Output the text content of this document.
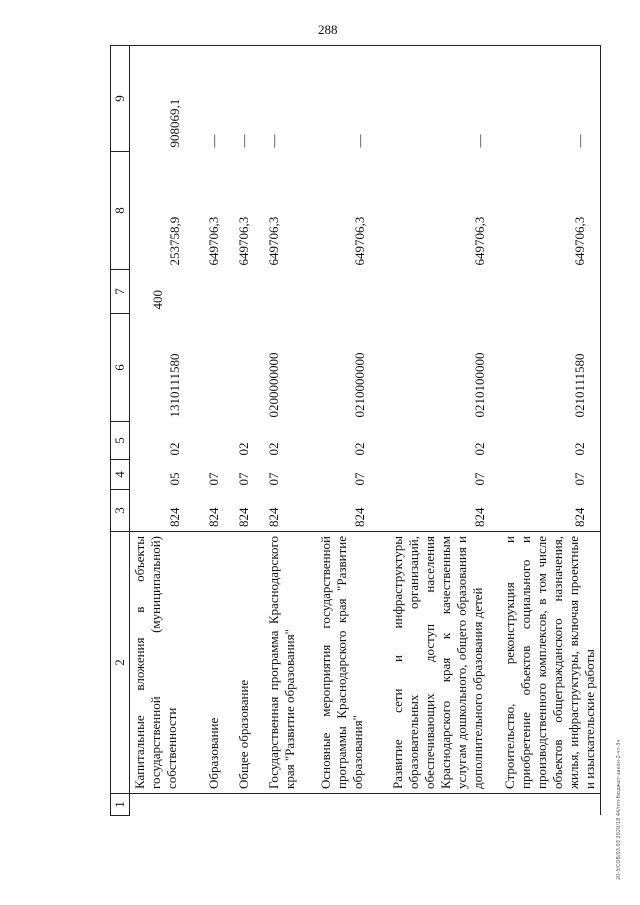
288
1	2	3	4	5	6	7	8	9
	Капитальные вложения в объекты государственной (муниципальной) собственности	824	05	02	1310111580	400	253758,9	908069,1
	Образование	824	07				649706,3	—
	Общее образование	824	07	02			649706,3	—
	Государственная программа Краснодарского края "Развитие образования"	824	07	02	0200000000		649706,3	—
	Основные мероприятия государственной программы Краснодарского края "Развитие образования"	824	07	02	0210000000		649706,3	—
	Развитие сети и инфраструктуры образовательных организаций, обеспечивающих доступ населения Краснодарского края к качественным услугам дошкольного, общего образования и дополнительного образования детей	824	07	02	0210100000		649706,3	—
	Строительство, реконструкция и приобретение объектов социального и производственного комплексов, в том числе объектов общегражданского назначения, жилья, инфраструктуры, включая проектные и изыскательские работы	824	07	02	0210111580		649706,3	—
20-3/СОВ/03.03 2020/18 44/nm-бюджет-закон-2-чт-3ч
